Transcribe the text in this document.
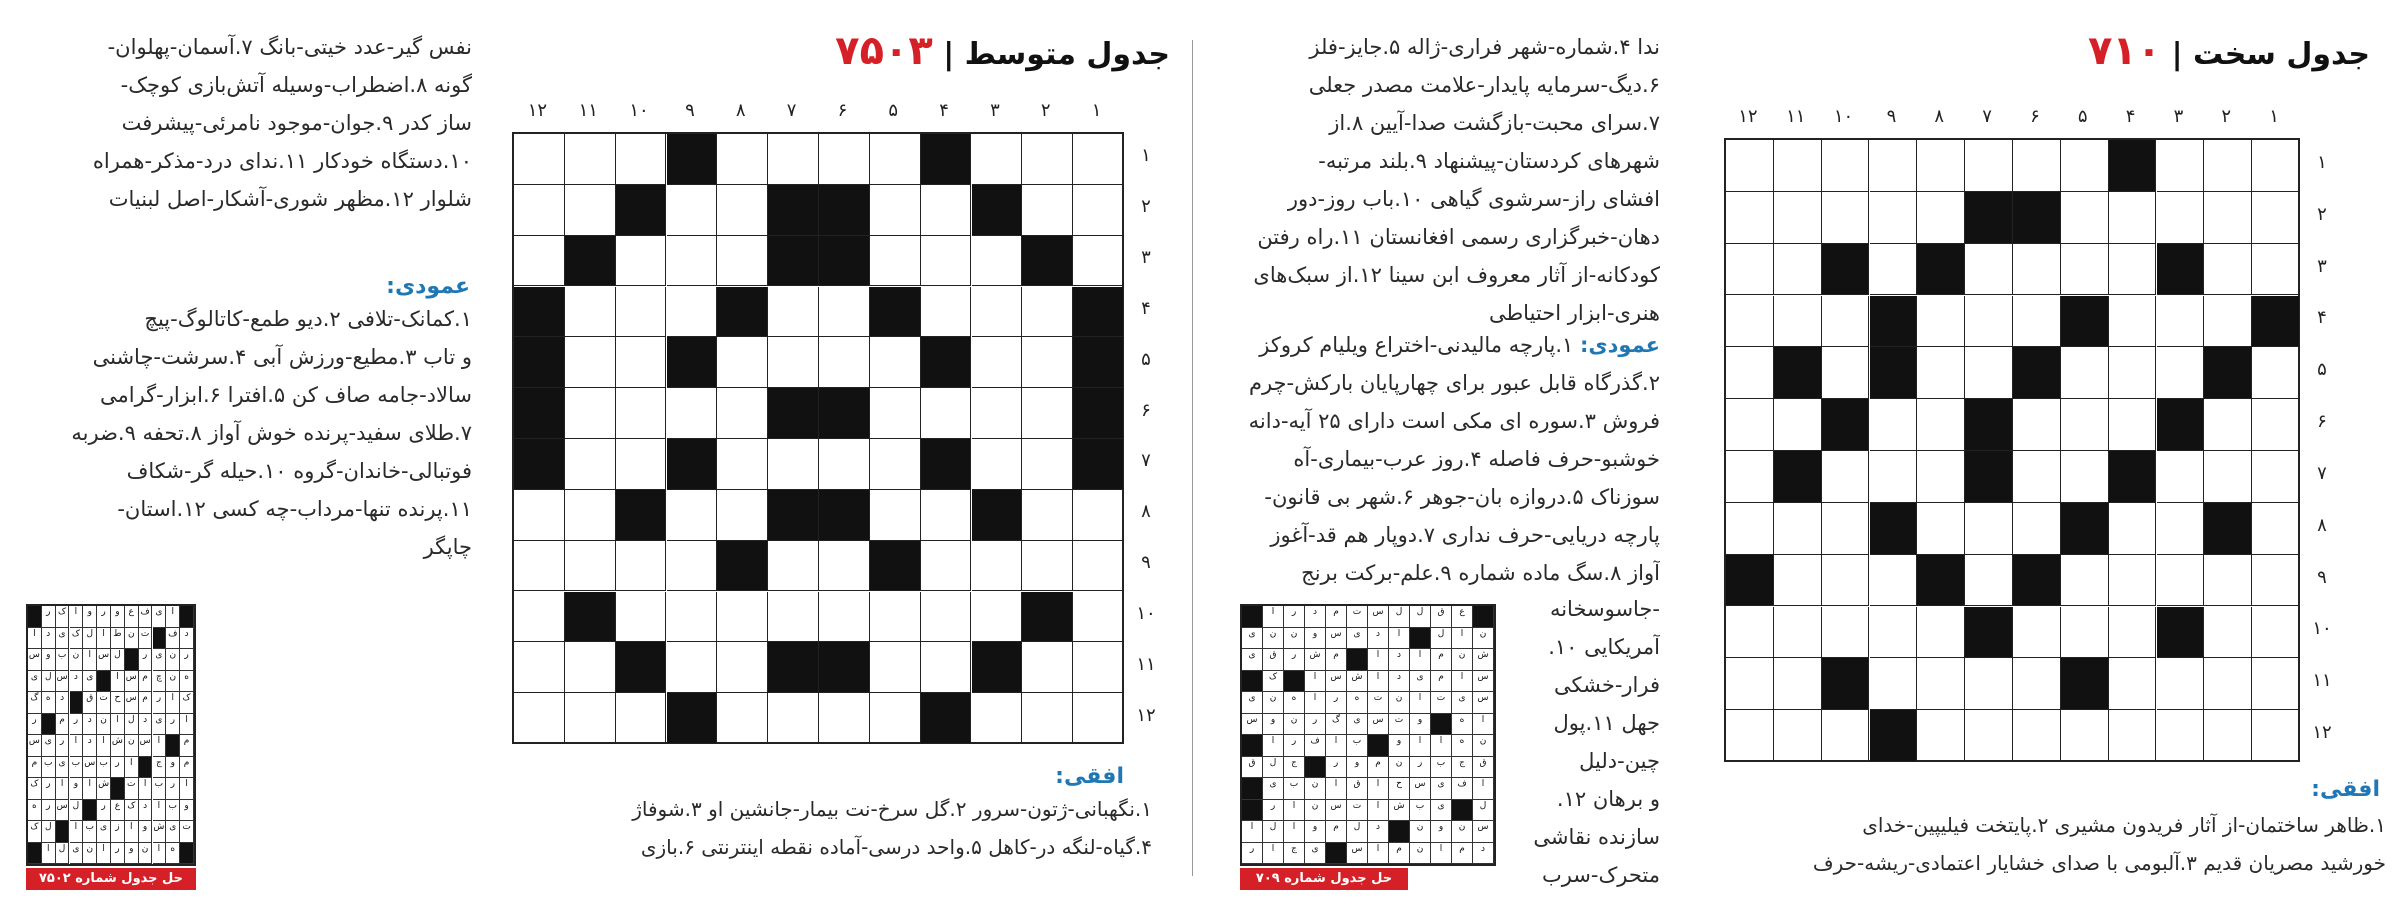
نفس گیر-عدد خیتی-بانگ ۷.آسمان-پهلوان-
گونه ۸.اضطراب-وسیله آتش‌بازی کوچک-
ساز کدر ۹.جوان-موجود نامرئی-پیشرفت
۱۰.دستگاه خودکار ۱۱.ندای درد-مذکر-همراه
شلوار ۱۲.مظهر شوری-آشکار-اصل لبنیات
عمودی:
۱.کمانک-تلافی ۲.دیو طمع-کاتالوگ-پیچ
و تاب ۳.مطیع-ورزش آبی ۴.سرشت-چاشنی
سالاد-جامه صاف کن ۵.افترا ۶.ابزار-گرامی
۷.طلای سفید-پرنده خوش آواز ۸.تحفه ۹.ضربه
فوتبالی-خاندان-گروه ۱۰.حیله گر-شکاف
۱۱.پرنده تنها-مرداب-چه کسی ۱۲.استان-
چاپگر
ا
ی
ف
ع
و
ر
و
ا
ک
ر
د
ف
ت
ن
ط
ا
ل
ک
ی
د
ا
ر
ن
ی
ر
ل
س
ا
ن
ب
و
س
ه
ن
چ
م
س
ا
ی
د
س
ل
ی
ک
ا
ر
م
س
ح
ت
ق
د
ه
گ
ا
ر
ی
د
ل
ا
ن
د
ر
م
ر
م
ا
س
ن
ش
ا
د
ا
ر
ی
س
م
و
ج
ا
ر
ب
س
ب
ی
ب
م
ا
ر
ب
ا
ت
ش
ا
و
ا
ر
ک
و
ب
ا
د
ک
ع
ر
ل
س
ر
ه
ت
ی
ش
و
ا
ز
ی
ب
ا
ل
ک
ه
ا
ن
و
ر
ا
ن
ی
ل
ا
حل جدول شماره ۷۵۰۲
جدول متوسط | ۷۵۰۳
۱
۲
۳
۴
۵
۶
۷
۸
۹
۱۰
۱۱
۱۲
۱
۲
۳
۴
۵
۶
۷
۸
۹
۱۰
۱۱
۱۲
افقی:
۱.نگهبانی-ژتون-سرور ۲.گل سرخ-نت بیمار-جانشین او ۳.شوفاژ
۴.گیاه-لنگه در-کاهل ۵.واحد درسی-آماده نقطه اینترنتی ۶.بازی
ندا ۴.شماره-شهر فراری-ژاله ۵.جایز-فلز
۶.دیگ-سرمایه پایدار-علامت مصدر جعلی
۷.سرای محبت-بازگشت صدا-آیین ۸.از
شهرهای کردستان-پیشنهاد ۹.بلند مرتبه-
افشای راز-سرشوی گیاهی ۱۰.باب روز-دور
دهان-خبرگزاری رسمی افغانستان ۱۱.راه رفتن
کودکانه-از آثار معروف ابن سینا ۱۲.از سبک‌های
هنری-ابزار احتیاطی
عمودی: ۱.پارچه مالیدنی-اختراع ویلیام کروکز
۲.گذرگاه قابل عبور برای چهارپایان بارکش-چرم
فروش ۳.سوره ای مکی است دارای ۲۵ آیه-دانه
خوشبو-حرف فاصله ۴.روز عرب-بیماری-آه
سوزناک ۵.دروازه بان-جوهر ۶.شهر بی قانون-
پارچه دریایی-حرف نداری ۷.دوپار هم قد-آغوز
آواز ۸.سگ ماده شماره ۹.علم-برکت برنج
-جاسوسخانه
آمریکایی ۱۰.
فرار-خشکی
جهل ۱۱.پول
چین-دلیل
و برهان ۱۲.
سازنده نقاشی
متحرک-سرب
ع
ق
ل
ل
س
ت
م
د
ر
ا
ن
ا
ل
ا
د
ی
س
و
ن
ن
ی
ش
ن
م
ا
د
ا
م
ش
ر
ق
ی
س
ا
م
ی
د
ا
ش
س
ا
ک
س
ی
ت
ا
ن
ت
ه
ر
ا
ه
ن
ی
ا
ه
و
ت
س
ی
گ
ر
ن
و
س
ن
ه
ا
ا
و
ب
ا
ف
ر
ا
ق
ج
ب
ر
ن
م
و
ر
ج
ل
ق
ا
ف
ی
س
ح
ا
ق
ا
ن
ب
ی
ل
ی
ب
ش
ا
ت
س
ن
ا
ر
س
ن
و
ن
د
ل
م
و
ا
ل
ا
د
م
ا
ن
م
ا
س
ی
ج
ا
ر
حل جدول شماره ۷۰۹
جدول سخت | ۷۱۰
۱
۲
۳
۴
۵
۶
۷
۸
۹
۱۰
۱۱
۱۲
۱
۲
۳
۴
۵
۶
۷
۸
۹
۱۰
۱۱
۱۲
افقی:
۱.ظاهر ساختمان-از آثار فریدون مشیری ۲.پایتخت فیلیپین-خدای
خورشید مصریان قدیم ۳.آلبومی با صدای خشایار اعتمادی-ریشه-حرف
